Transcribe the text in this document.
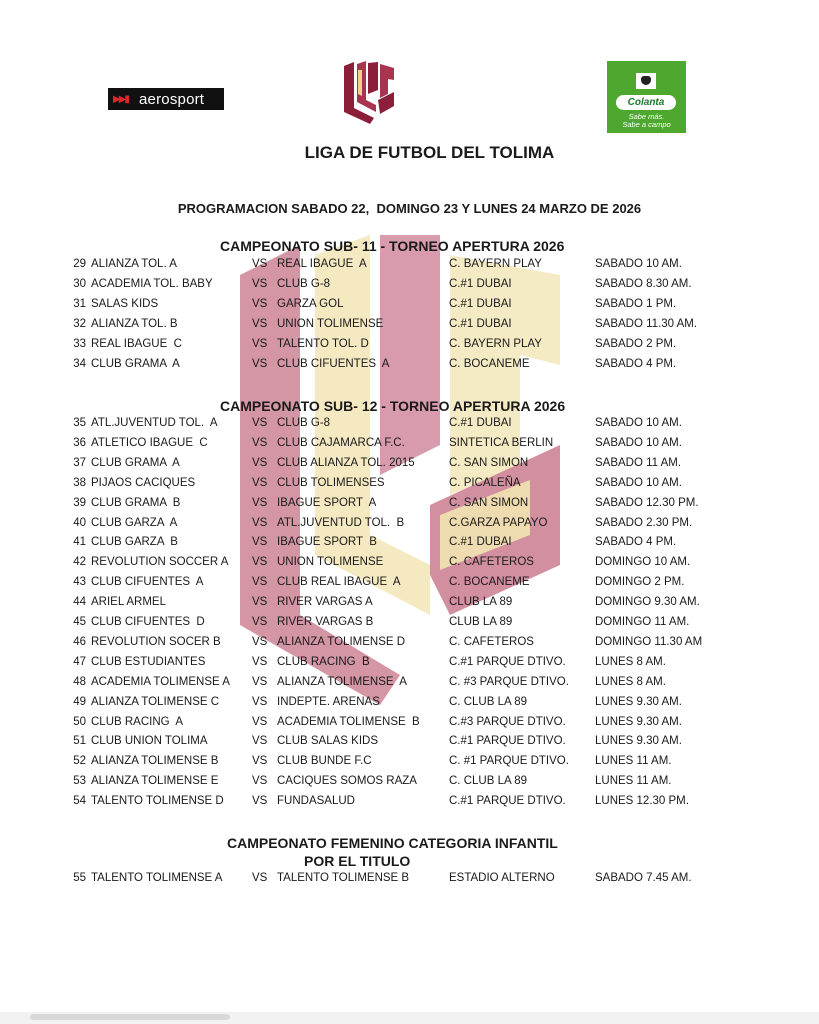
▶▶▮ aerosport	Colanta
Sabe más.
Sabe a campo
LIGA DE FUTBOL DEL TOLIMA
PROGRAMACION SABADO 22,  DOMINGO 23 Y LUNES 24 MARZO DE 2026
CAMPEONATO SUB- 11 - TORNEO APERTURA 2026
29 ALIANZA TOL. A	VS REAL IBAGUE  A	C. BAYERN PLAY	SABADO 10 AM.
30 ACADEMIA TOL. BABY	VS CLUB G-8	C.#1 DUBAI	SABADO 8.30 AM.
31 SALAS KIDS	VS GARZA GOL	C.#1 DUBAI	SABADO 1 PM.
32 ALIANZA TOL. B	VS UNION TOLIMENSE	C.#1 DUBAI	SABADO 11.30 AM.
33 REAL IBAGUE  C	VS TALENTO TOL. D	C. BAYERN PLAY	SABADO 2 PM.
34 CLUB GRAMA  A	VS CLUB CIFUENTES  A	C. BOCANEME	SABADO 4 PM.
CAMPEONATO SUB- 12 - TORNEO APERTURA 2026
35 ATL.JUVENTUD TOL.  A	VS CLUB G-8	C.#1 DUBAI	SABADO 10 AM.
36 ATLETICO IBAGUE  C	VS CLUB CAJAMARCA F.C.	SINTETICA BERLIN	SABADO 10 AM.
37 CLUB GRAMA  A	VS CLUB ALIANZA TOL. 2015	C. SAN SIMON	SABADO 11 AM.
38 PIJAOS CACIQUES	VS CLUB TOLIMENSES	C. PICALEÑA	SABADO 10 AM.
39 CLUB GRAMA  B	VS IBAGUE SPORT  A	C. SAN SIMON	SABADO 12.30 PM.
40 CLUB GARZA  A	VS ATL.JUVENTUD TOL.  B	C.GARZA PAPAYO	SABADO 2.30 PM.
41 CLUB GARZA  B	VS IBAGUE SPORT  B	C.#1 DUBAI	SABADO 4 PM.
42 REVOLUTION SOCCER A VS UNION TOLIMENSE	C. CAFETEROS	DOMINGO 10 AM.
43 CLUB CIFUENTES  A	VS CLUB REAL IBAGUE  A	C. BOCANEME	DOMINGO 2 PM.
44 ARIEL ARMEL	VS RIVER VARGAS A	CLUB LA 89	DOMINGO 9.30 AM.
45 CLUB CIFUENTES  D	VS RIVER VARGAS B	CLUB LA 89	DOMINGO 11 AM.
46 REVOLUTION SOCER B	VS ALIANZA TOLIMENSE D	C. CAFETEROS	DOMINGO 11.30 AM
47 CLUB ESTUDIANTES	VS CLUB RACING  B	C.#1 PARQUE DTIVO.	LUNES 8 AM.
48 ACADEMIA TOLIMENSE A VS ALIANZA TOLIMENSE  A	C. #3 PARQUE DTIVO. LUNES 8 AM.
49 ALIANZA TOLIMENSE C	VS INDEPTE. ARENAS	C. CLUB LA 89	LUNES 9.30 AM.
50 CLUB RACING  A	VS ACADEMIA TOLIMENSE  B	C.#3 PARQUE DTIVO.	LUNES 9.30 AM.
51 CLUB UNION TOLIMA	VS CLUB SALAS KIDS	C.#1 PARQUE DTIVO.	LUNES 9.30 AM.
52 ALIANZA TOLIMENSE B	VS CLUB BUNDE F.C	C. #1 PARQUE DTIVO. LUNES 11 AM.
53 ALIANZA TOLIMENSE E	VS CACIQUES SOMOS RAZA	C. CLUB LA 89	LUNES 11 AM.
54 TALENTO TOLIMENSE D VS FUNDASALUD	C.#1 PARQUE DTIVO.	LUNES 12.30 PM.
CAMPEONATO FEMENINO CATEGORIA INFANTIL
POR EL TITULO
55 TALENTO TOLIMENSE A	VS TALENTO TOLIMENSE B	ESTADIO ALTERNO	SABADO 7.45 AM.
